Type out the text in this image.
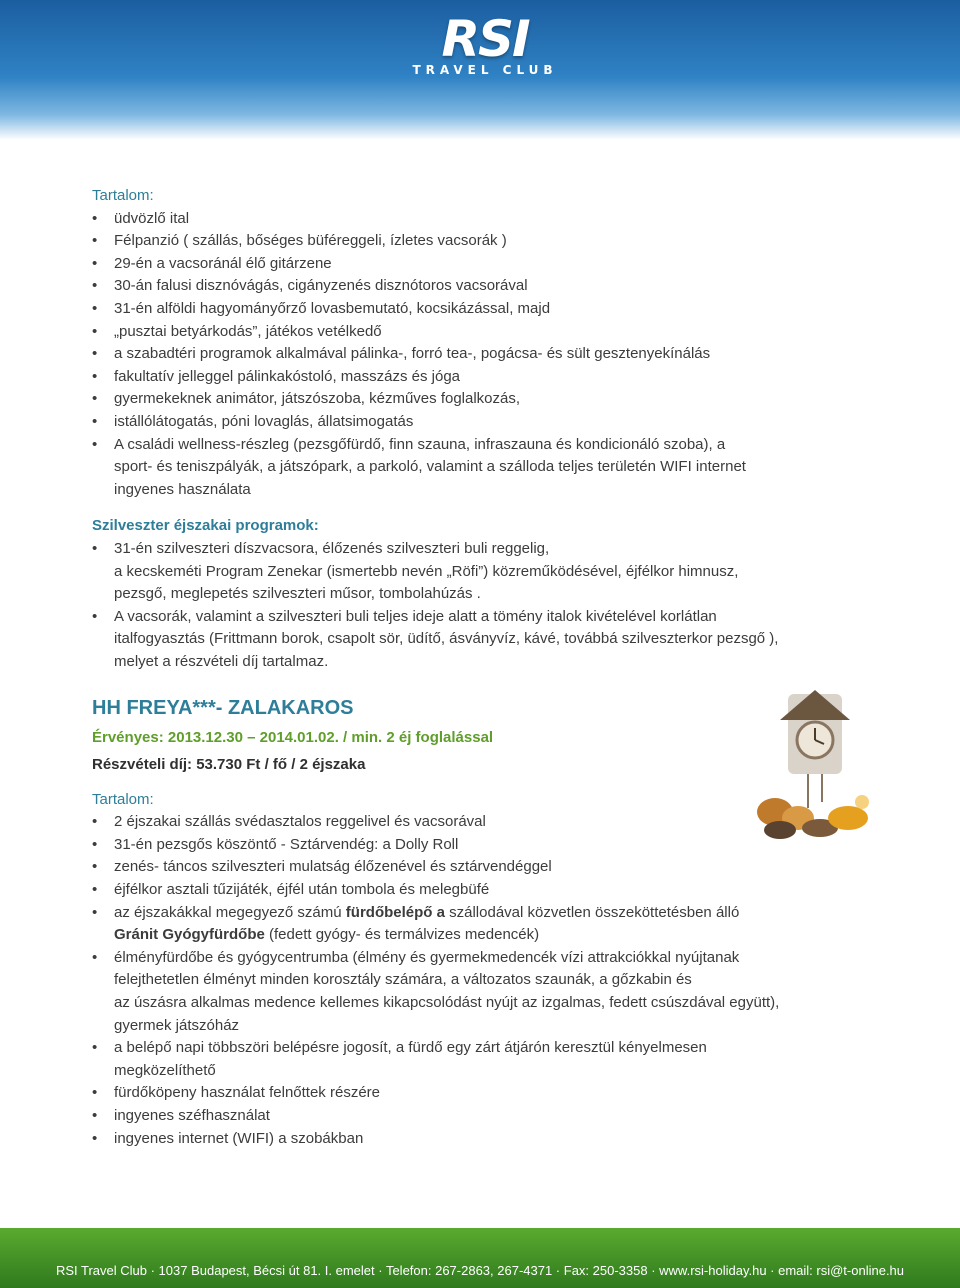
RSI
TRAVEL CLUB
Tartalom:
• üdvözlő ital
• Félpanzió ( szállás, bőséges büféreggeli, ízletes vacsorák )
• 29-én a vacsoránál élő gitárzene
• 30-án falusi disznóvágás, cigányzenés disznótoros vacsorával
• 31-én alföldi hagyományőrző lovasbemutató, kocsikázással, majd
• „pusztai betyárkodás”, játékos vetélkedő
• a szabadtéri programok alkalmával pálinka-, forró tea-, pogácsa- és sült gesztenyekínálás
• fakultatív jelleggel pálinkakóstoló, masszázs és jóga
• gyermekeknek animátor, játszószoba, kézműves foglalkozás,
• istállólátogatás, póni lovaglás, állatsimogatás
• A családi wellness-részleg (pezsgőfürdő, finn szauna, infraszauna és kondicionáló szoba), a
sport- és teniszpályák, a játszópark, a parkoló, valamint a szálloda teljes területén WIFI internet
ingyenes használata
Szilveszter éjszakai programok:
• 31-én szilveszteri díszvacsora, élőzenés szilveszteri buli reggelig,
a kecskeméti Program Zenekar (ismertebb nevén „Röfi”) közreműködésével, éjfélkor himnusz,
pezsgő, meglepetés szilveszteri műsor, tombolahúzás .
• A vacsorák, valamint a szilveszteri buli teljes ideje alatt a tömény italok kivételével korlátlan
italfogyasztás (Frittmann borok, csapolt sör, üdítő, ásványvíz, kávé, továbbá szilveszterkor pezsgő ),
melyet a részvételi díj tartalmaz.
HH FREYA***- ZALAKAROS
Érvényes: 2013.12.30 – 2014.01.02. / min. 2 éj foglalással
Részvételi díj: 53.730 Ft / fő / 2 éjszaka
Tartalom:
• 2 éjszakai szállás svédasztalos reggelivel és vacsorával
• 31-én pezsgős köszöntő - Sztárvendég: a Dolly Roll
• zenés- táncos szilveszteri mulatság élőzenével és sztárvendéggel
• éjfélkor asztali tűzijáték, éjfél után tombola és melegbüfé
• az éjszakákkal megegyező számú fürdőbelépő a szállodával közvetlen összeköttetésben álló
Gránit Gyógyfürdőbe (fedett gyógy- és termálvizes medencék)
• élményfürdőbe és gyógycentrumba (élmény és gyermekmedencék vízi attrakciókkal nyújtanak
felejthetetlen élményt minden korosztály számára, a változatos szaunák, a gőzkabin és
az úszásra alkalmas medence kellemes kikapcsolódást nyújt az izgalmas, fedett csúszdával együtt),
gyermek játszóház
• a belépő napi többszöri belépésre jogosít, a fürdő egy zárt átjárón keresztül kényelmesen
megközelíthető
• fürdőköpeny használat felnőttek részére
• ingyenes széfhasználat
• ingyenes internet (WIFI) a szobákban
RSI Travel Club · 1037 Budapest, Bécsi út 81. I. emelet · Telefon: 267-2863, 267-4371 · Fax: 250-3358 · www.rsi-holiday.hu · email: rsi@t-online.hu
